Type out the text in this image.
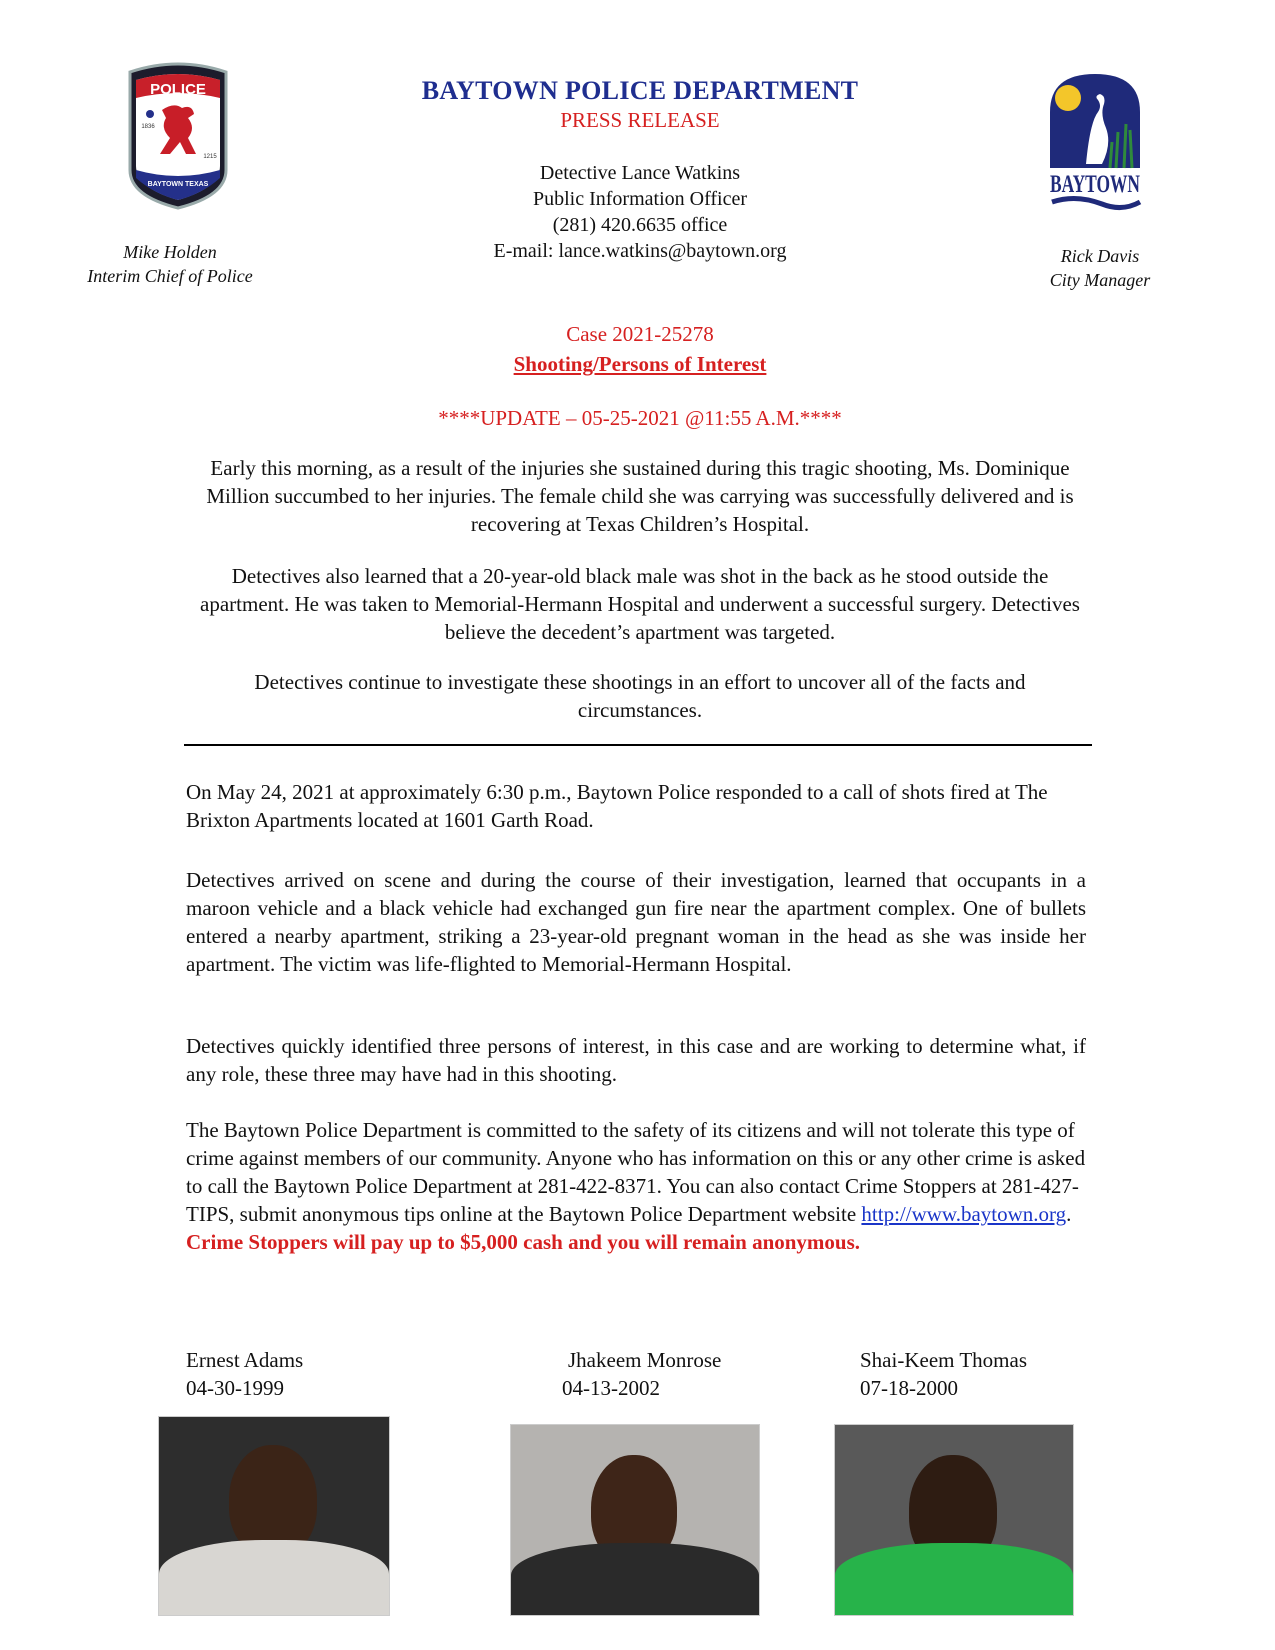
POLICE
BAYTOWN TEXAS
1836
1215
BAYTOWN
BAYTOWN POLICE DEPARTMENT
PRESS RELEASE
Detective Lance Watkins
Public Information Officer
(281) 420.6635 office
E-mail: lance.watkins@baytown.org
Mike Holden
Interim Chief of Police
Rick Davis
City Manager
Case 2021-25278
Shooting/Persons of Interest
****UPDATE – 05-25-2021 @11:55 A.M.****

Early this morning, as a result of the injuries she sustained during this tragic shooting, Ms. Dominique Million succumbed to her injuries. The female child she was carrying was successfully delivered and is recovering at Texas Children’s Hospital.

Detectives also learned that a 20-year-old black male was shot in the back as he stood outside the apartment. He was taken to Memorial-Hermann Hospital and underwent a successful surgery. Detectives believe the decedent’s apartment was targeted.

Detectives continue to investigate these shootings in an effort to uncover all of the facts and circumstances.

On May 24, 2021 at approximately 6:30 p.m., Baytown Police responded to a call of shots fired at The Brixton Apartments located at 1601 Garth Road.

Detectives arrived on scene and during the course of their investigation, learned that occupants in a maroon vehicle and a black vehicle had exchanged gun fire near the apartment complex. One of bullets entered a nearby apartment, striking a 23-year-old pregnant woman in the head as she was inside her apartment. The victim was life-flighted to Memorial-Hermann Hospital.

Detectives quickly identified three persons of interest, in this case and are working to determine what, if any role, these three may have had in this shooting.

The Baytown Police Department is committed to the safety of its citizens and will not tolerate this type of crime against members of our community. Anyone who has information on this or any other crime is asked to call the Baytown Police Department at 281-422-8371. You can also contact Crime Stoppers at 281-427-TIPS, submit anonymous tips online at the Baytown Police Department website http://www.baytown.org. Crime Stoppers will pay up to $5,000 cash and you will remain anonymous.

Ernest Adams
04-30-1999
Jhakeem Monrose
04-13-2002
Shai-Keem Thomas
07-18-2000
